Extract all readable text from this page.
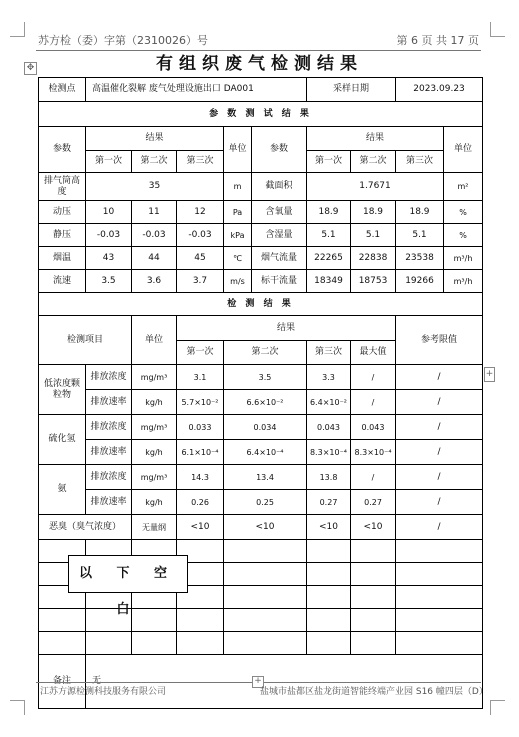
苏方检（委）字第（2310026）号	第 6 页 共 17 页
✥	有组织废气检测结果
检测点	高温催化裂解 废气处理设施出口 DA001					采样日期		2023.09.23	
参 数 测 试 结 果									
参数	结果			单位	参数	结果			单位
	第一次	第二次	第三次			第一次	第二次	第三次	
排气筒高度	35			m	截面积	1.7671			m²
动压	10	11	12	Pa	含氧量	18.9	18.9	18.9	%
静压	-0.03	-0.03	-0.03	kPa	含湿量	5.1	5.1	5.1	%
烟温	43	44	45	℃	烟气流量	22265	22838	23538	m³/h
流速	3.5	3.6	3.7	m/s	标干流量	18349	18753	19266	m³/h
检 测 结 果									
检测项目		单位	结果					参考限值	
			第一次	第二次		第三次	最大值		
低浓度颗粒物	排放浓度	mg/m³	3.1	3.5		3.3	/	/	
	排放速率	kg/h	5.7×10⁻²	6.6×10⁻²		6.4×10⁻²	/	/	
硫化氢	排放浓度	mg/m³	0.033	0.034		0.043	0.043	/	
	排放速率	kg/h	6.1×10⁻⁴	6.4×10⁻⁴		8.3×10⁻⁴	8.3×10⁻⁴	/	
氨	排放浓度	mg/m³	14.3	13.4		13.8	/	/	
	排放速率	kg/h	0.26	0.25		0.27	0.27	/	
恶臭（臭气浓度）		无量纲	<10	<10		<10	<10	/	

备注	无								
以 下 空 白
+
+
江苏方源检测科技服务有限公司	盐城市盐都区盐龙街道智能终端产业园 S16 幢四层（D）
